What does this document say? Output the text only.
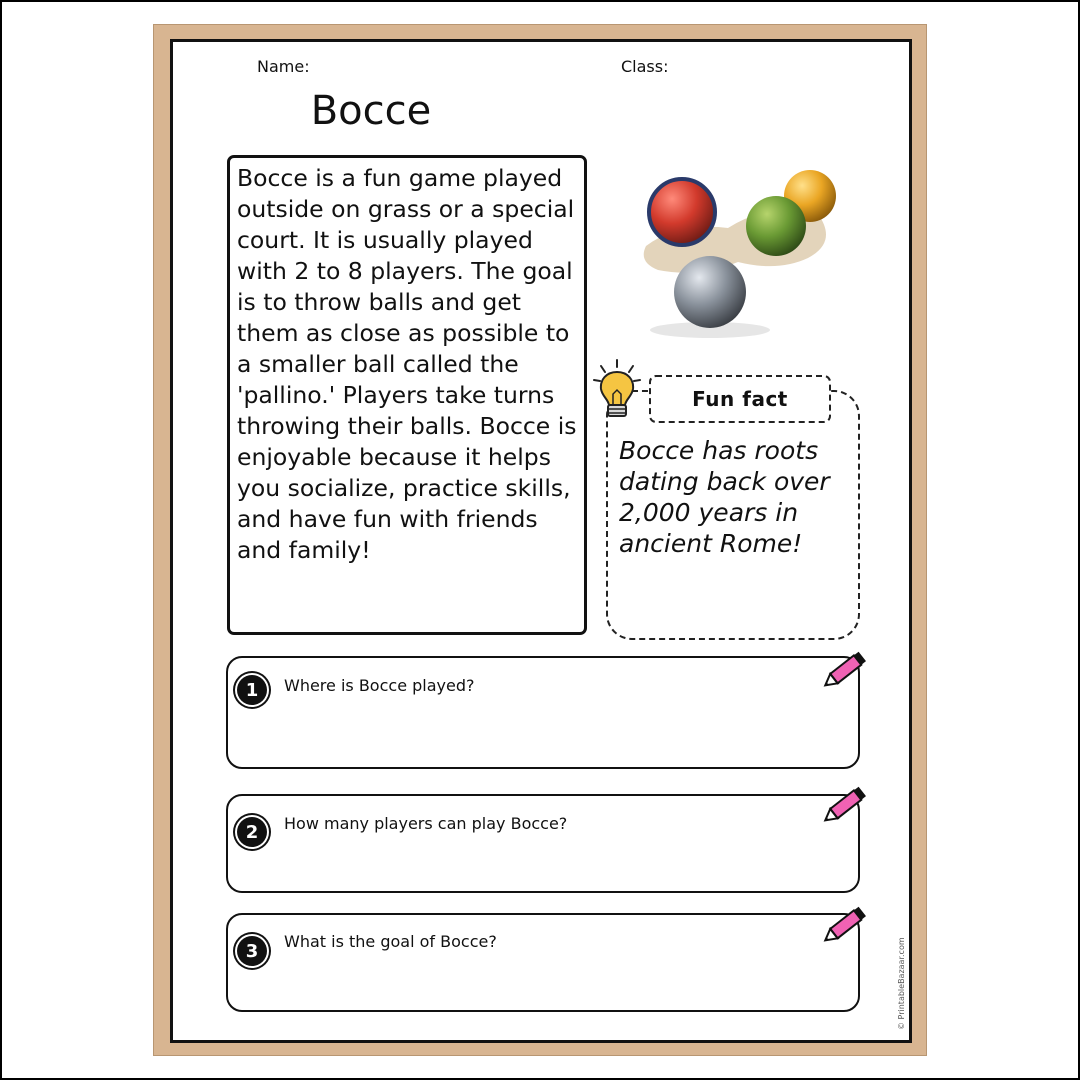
Name:	Class:
Bocce
Bocce is a fun game played outside on grass or a special court. It is usually played with 2 to 8 players. The goal is to throw balls and get them as close as possible to a smaller ball called the 'pallino.' Players take turns throwing their balls. Bocce is enjoyable because it helps you socialize, practice skills, and have fun with friends and family!
Fun fact
Bocce has roots dating back over 2,000 years in ancient Rome!
1	Where is Bocce played?
2	How many players can play Bocce?
3	What is the goal of Bocce?	© PrintableBazaar.com
